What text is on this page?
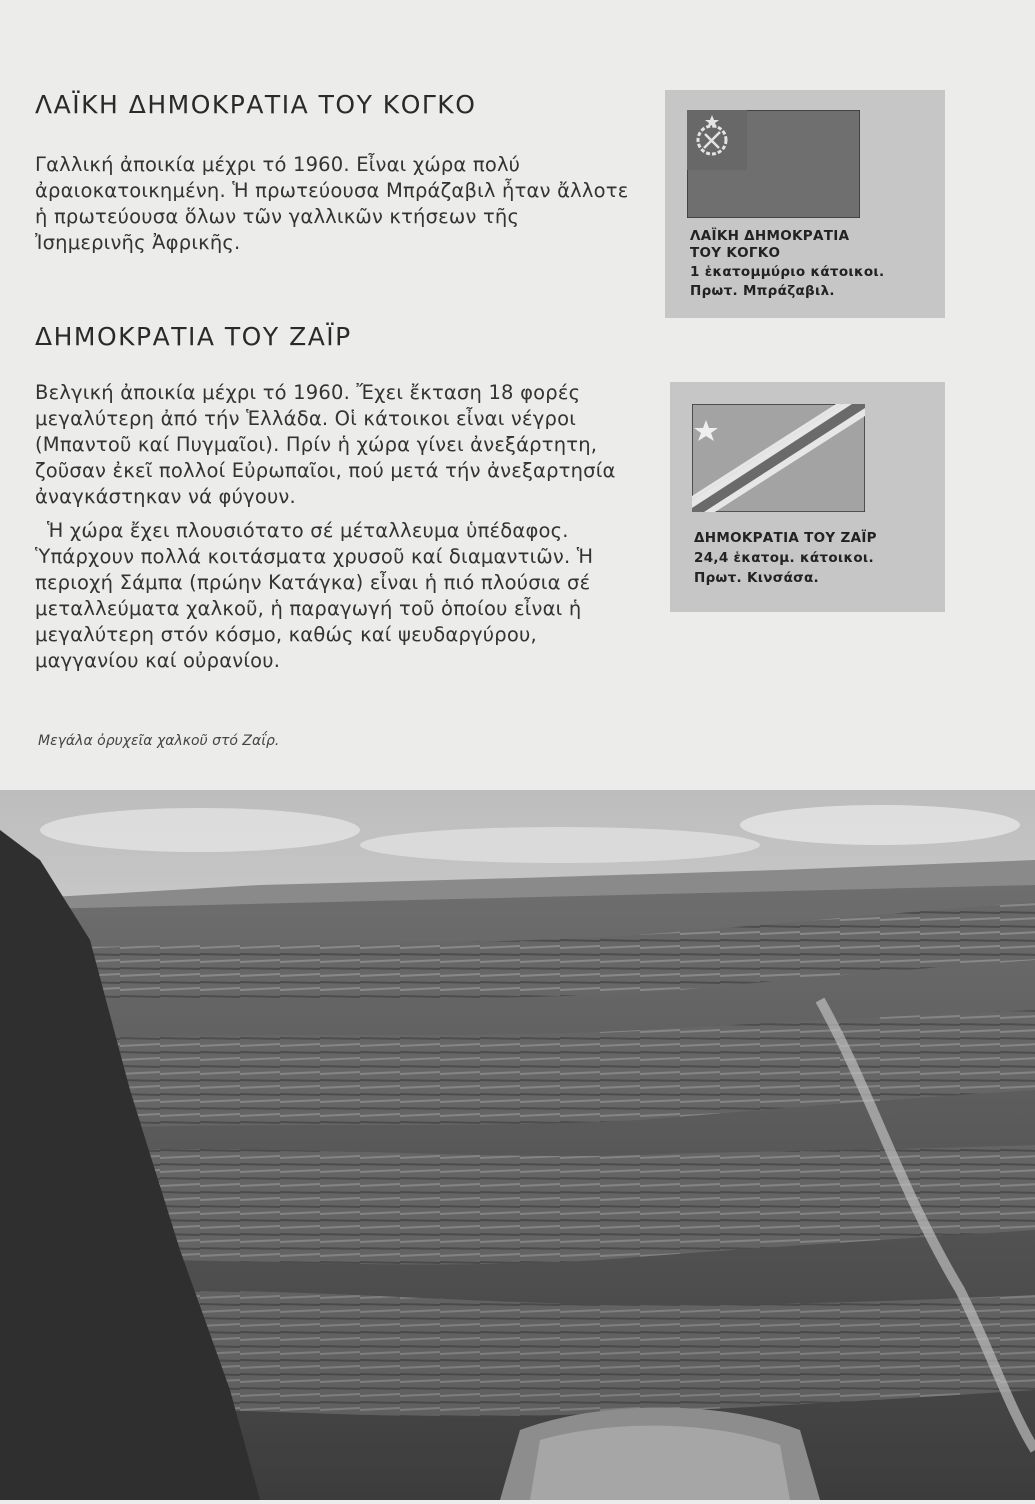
ΛΑΪΚΗ ΔΗΜΟΚΡΑΤΙΑ ΤΟΥ ΚΟΓΚΟ

Γαλλική ἀποικία μέχρι τό 1960. Εἶναι χώρα πολύ ἀραιοκατοικημένη. Ἡ πρωτεύουσα Μπράζαβιλ ἦταν ἄλλοτε ἡ πρωτεύουσα ὅλων τῶν γαλλικῶν κτήσεων τῆς Ἰσημερινῆς Ἀφρικῆς.

ΔΗΜΟΚΡΑΤΙΑ ΤΟΥ ΖΑΪΡ

Βελγική ἀποικία μέχρι τό 1960. Ἔχει ἔκταση 18 φορές μεγαλύτερη ἀπό τήν Ἑλλάδα. Οἱ κάτοικοι εἶναι νέγροι (Μπαντοῦ καί Πυγμαῖοι). Πρίν ἡ χώρα γίνει ἀνεξάρτητη, ζοῦσαν ἐκεῖ πολλοί Εὐρωπαῖοι, πού μετά τήν ἀνεξαρτησία ἀναγκάστηκαν νά φύγουν.

Ἡ χώρα ἔχει πλουσιότατο σέ μέταλλευμα ὑπέδαφος. Ὑπάρχουν πολλά κοιτάσματα χρυσοῦ καί διαμαντιῶν. Ἡ περιοχή Σάμπα (πρώην Κατάγκα) εἶναι ἡ πιό πλούσια σέ μεταλλεύματα χαλκοῦ, ἡ παραγωγή τοῦ ὁποίου εἶναι ἡ μεγαλύτερη στόν κόσμο, καθώς καί ψευδαργύρου, μαγγανίου καί οὐρανίου.

ΛΑΪΚΗ ΔΗΜΟΚΡΑΤΙΑ
ΤΟΥ ΚΟΓΚΟ
1 ἑκατομμύριο κάτοικοι.
Πρωτ. Μπράζαβιλ.
ΔΗΜΟΚΡΑΤΙΑ ΤΟΥ ΖΑΪΡ
24,4 ἑκατομ. κάτοικοι.
Πρωτ. Κινσάσα.

Μεγάλα ὀρυχεῖα χαλκοῦ στό Ζαΐρ.
